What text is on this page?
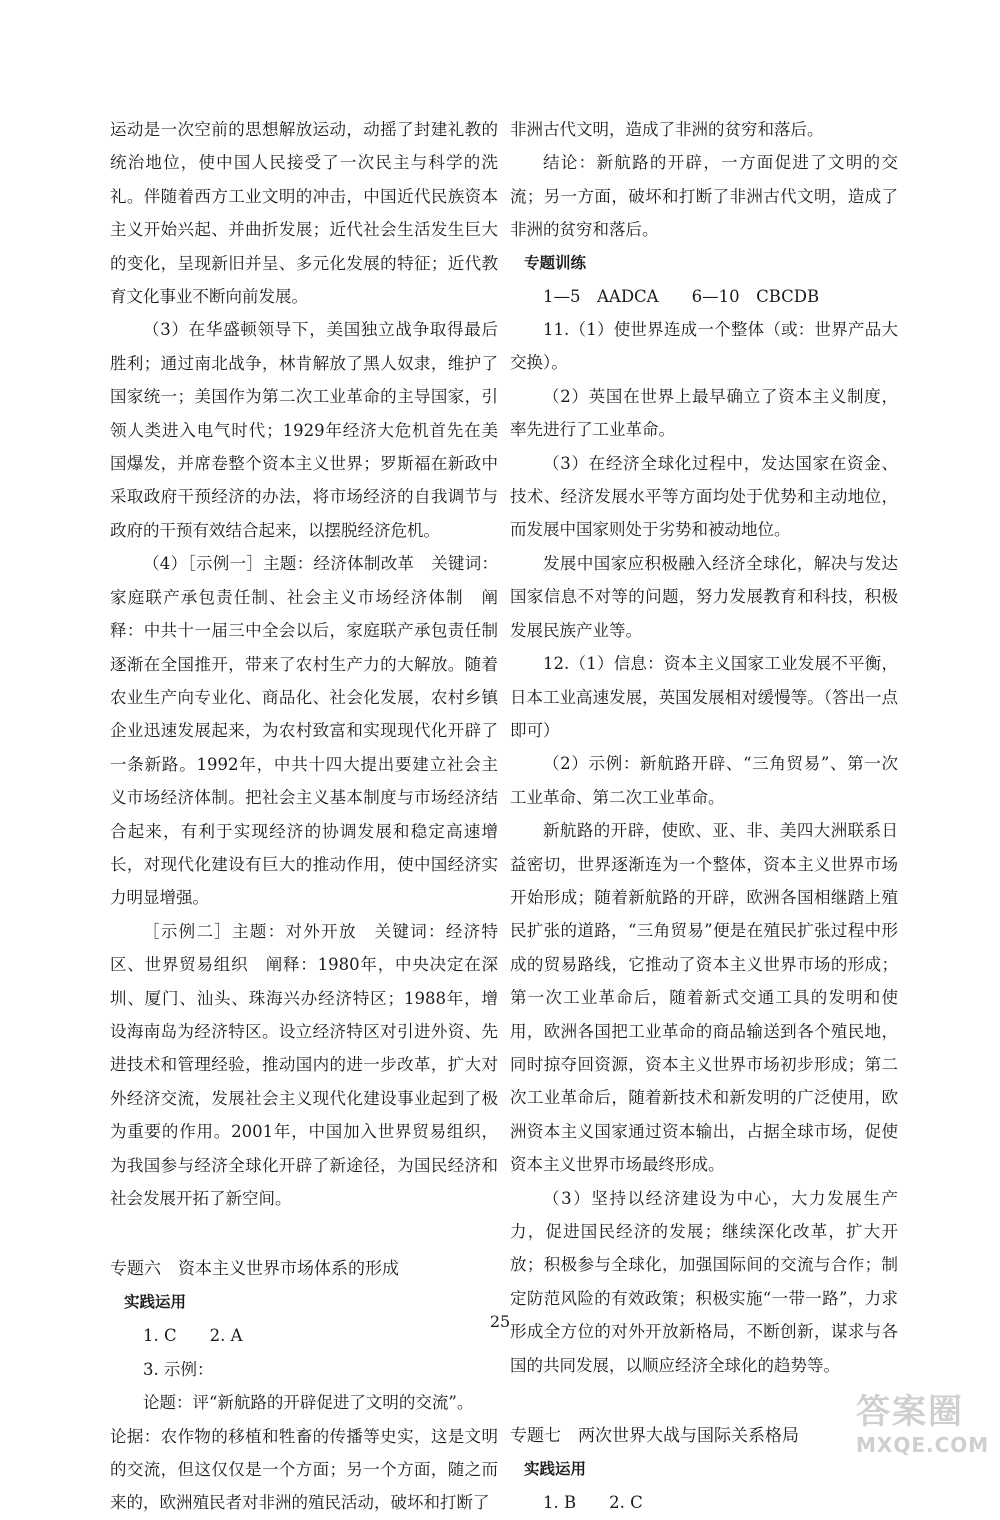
运动是一次空前的思想解放运动，动摇了封建礼教的统治地位，使中国人民接受了一次民主与科学的洗礼。伴随着西方工业文明的冲击，中国近代民族资本主义开始兴起、并曲折发展；近代社会生活发生巨大的变化，呈现新旧并呈、多元化发展的特征；近代教育文化事业不断向前发展。

（3）在华盛顿领导下，美国独立战争取得最后胜利；通过南北战争，林肯解放了黑人奴隶，维护了国家统一；美国作为第二次工业革命的主导国家，引领人类进入电气时代；1929年经济大危机首先在美国爆发，并席卷整个资本主义世界；罗斯福在新政中采取政府干预经济的办法，将市场经济的自我调节与政府的干预有效结合起来，以摆脱经济危机。

（4）［示例一］主题：经济体制改革　关键词：家庭联产承包责任制、社会主义市场经济体制　阐释：中共十一届三中全会以后，家庭联产承包责任制逐渐在全国推开，带来了农村生产力的大解放。随着农业生产向专业化、商品化、社会化发展，农村乡镇企业迅速发展起来，为农村致富和实现现代化开辟了一条新路。1992年，中共十四大提出要建立社会主义市场经济体制。把社会主义基本制度与市场经济结合起来，有利于实现经济的协调发展和稳定高速增长，对现代化建设有巨大的推动作用，使中国经济实力明显增强。

［示例二］主题：对外开放　关键词：经济特区、世界贸易组织　阐释：1980年，中央决定在深圳、厦门、汕头、珠海兴办经济特区；1988年，增设海南岛为经济特区。设立经济特区对引进外资、先进技术和管理经验，推动国内的进一步改革，扩大对外经济交流，发展社会主义现代化建设事业起到了极为重要的作用。2001年，中国加入世界贸易组织，为我国参与经济全球化开辟了新途径，为国民经济和社会发展开拓了新空间。

专题六　资本主义世界市场体系的形成
实践运用

1. C　　2. A

3. 示例：

论题：评“新航路的开辟促进了文明的交流”。

论据：农作物的移植和牲畜的传播等史实，这是文明的交流，但这仅仅是一个方面；另一个方面，随之而来的，欧洲殖民者对非洲的殖民活动，破坏和打断了

非洲古代文明，造成了非洲的贫穷和落后。

结论：新航路的开辟，一方面促进了文明的交流；另一方面，破坏和打断了非洲古代文明，造成了非洲的贫穷和落后。

专题训练

1—5　AADCA　　6—10　CBCDB

11.（1）使世界连成一个整体（或：世界产品大交换）。

（2）英国在世界上最早确立了资本主义制度，率先进行了工业革命。

（3）在经济全球化过程中，发达国家在资金、技术、经济发展水平等方面均处于优势和主动地位，而发展中国家则处于劣势和被动地位。

发展中国家应积极融入经济全球化，解决与发达国家信息不对等的问题，努力发展教育和科技，积极发展民族产业等。

12.（1）信息：资本主义国家工业发展不平衡，日本工业高速发展，英国发展相对缓慢等。（答出一点即可）

（2）示例：新航路开辟、“三角贸易”、第一次工业革命、第二次工业革命。

新航路的开辟，使欧、亚、非、美四大洲联系日益密切，世界逐渐连为一个整体，资本主义世界市场开始形成；随着新航路的开辟，欧洲各国相继踏上殖民扩张的道路，“三角贸易”便是在殖民扩张过程中形成的贸易路线，它推动了资本主义世界市场的形成；第一次工业革命后，随着新式交通工具的发明和使用，欧洲各国把工业革命的商品输送到各个殖民地，同时掠夺回资源，资本主义世界市场初步形成；第二次工业革命后，随着新技术和新发明的广泛使用，欧洲资本主义国家通过资本输出，占据全球市场，促使资本主义世界市场最终形成。

（3）坚持以经济建设为中心，大力发展生产力，促进国民经济的发展；继续深化改革，扩大开放；积极参与全球化，加强国际间的交流与合作；制定防范风险的有效政策；积极实施“一带一路”，力求形成全方位的对外开放新格局，不断创新，谋求与各国的共同发展，以顺应经济全球化的趋势等。

专题七　两次世界大战与国际关系格局
实践运用

1. B　　2. C

25
答案圈
MXQE.COM
